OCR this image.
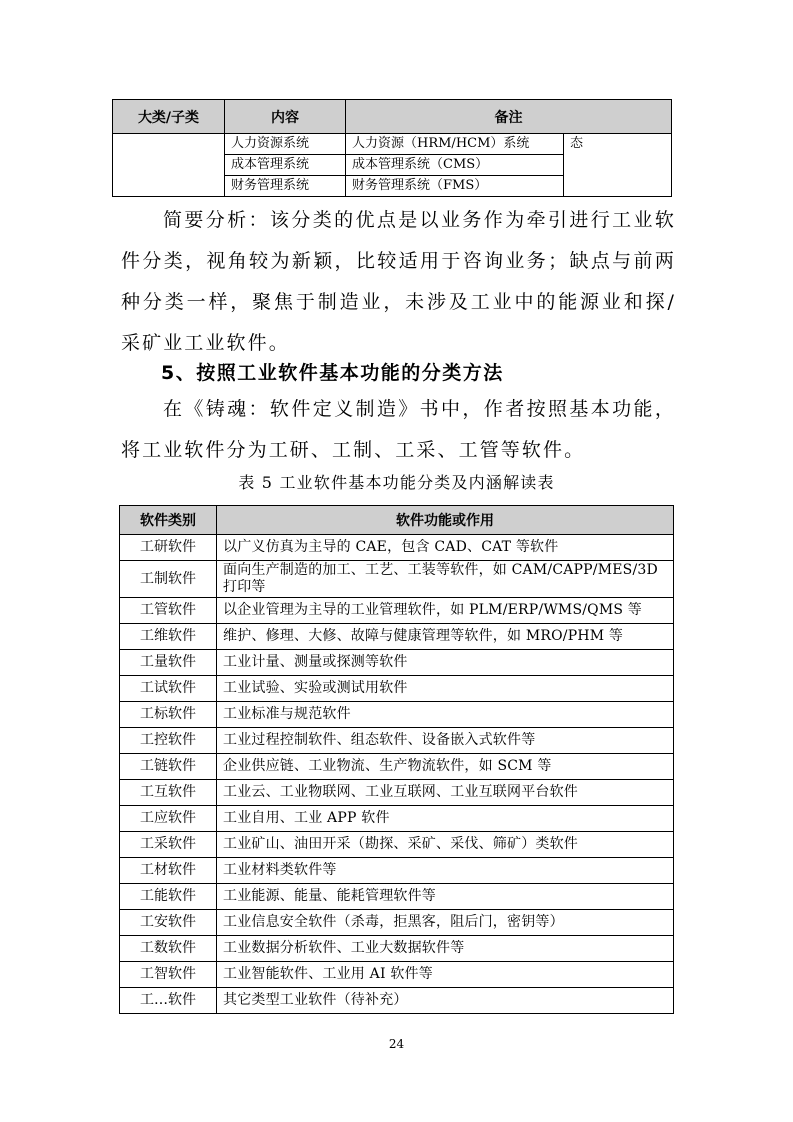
大类/子类	内容	备注	
	人力资源系统	人力资源（HRM/HCM）系统	态
	成本管理系统	成本管理系统（CMS）	
	财务管理系统	财务管理系统（FMS）	
简要分析：该分类的优点是以业务作为牵引进行工业软件分类，视角较为新颖，比较适用于咨询业务；缺点与前两种分类一样，聚焦于制造业，未涉及工业中的能源业和探/采矿业工业软件。
5、按照工业软件基本功能的分类方法
在《铸魂：软件定义制造》书中，作者按照基本功能，将工业软件分为工研、工制、工采、工管等软件。
表 5 工业软件基本功能分类及内涵解读表
软件类别	软件功能或作用
工研软件	以广义仿真为主导的 CAE，包含 CAD、CAT 等软件
工制软件	面向生产制造的加工、工艺、工装等软件，如 CAM/CAPP/MES/3D 打印等
工管软件	以企业管理为主导的工业管理软件，如 PLM/ERP/WMS/QMS 等
工维软件	维护、修理、大修、故障与健康管理等软件，如 MRO/PHM 等
工量软件	工业计量、测量或探测等软件
工试软件	工业试验、实验或测试用软件
工标软件	工业标准与规范软件
工控软件	工业过程控制软件、组态软件、设备嵌入式软件等
工链软件	企业供应链、工业物流、生产物流软件，如 SCM 等
工互软件	工业云、工业物联网、工业互联网、工业互联网平台软件
工应软件	工业自用、工业 APP 软件
工采软件	工业矿山、油田开采（勘探、采矿、采伐、筛矿）类软件
工材软件	工业材料类软件等
工能软件	工业能源、能量、能耗管理软件等
工安软件	工业信息安全软件（杀毒，拒黑客，阻后门，密钥等）
工数软件	工业数据分析软件、工业大数据软件等
工智软件	工业智能软件、工业用 AI 软件等
工…软件	其它类型工业软件（待补充）
24
